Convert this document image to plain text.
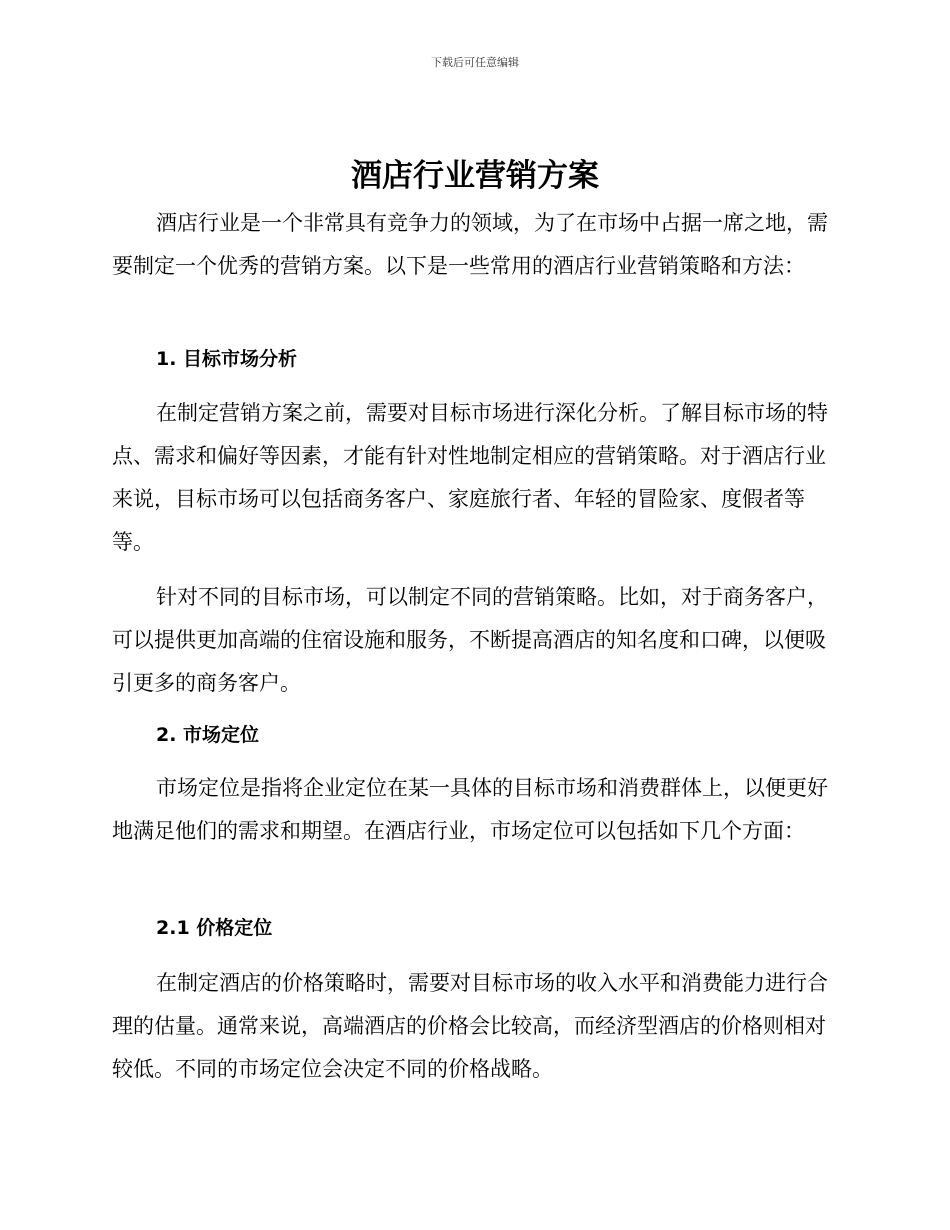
下载后可任意编辑
酒店行业营销方案

酒店行业是一个非常具有竞争力的领域，为了在市场中占据一席之地，需要制定一个优秀的营销方案。以下是一些常用的酒店行业营销策略和方法：

1. 目标市场分析

在制定营销方案之前，需要对目标市场进行深化分析。了解目标市场的特点、需求和偏好等因素，才能有针对性地制定相应的营销策略。对于酒店行业来说，目标市场可以包括商务客户、家庭旅行者、年轻的冒险家、度假者等等。

针对不同的目标市场，可以制定不同的营销策略。比如，对于商务客户，可以提供更加高端的住宿设施和服务，不断提高酒店的知名度和口碑，以便吸引更多的商务客户。

2. 市场定位

市场定位是指将企业定位在某一具体的目标市场和消费群体上，以便更好地满足他们的需求和期望。在酒店行业，市场定位可以包括如下几个方面：

2.1 价格定位

在制定酒店的价格策略时，需要对目标市场的收入水平和消费能力进行合理的估量。通常来说，高端酒店的价格会比较高，而经济型酒店的价格则相对较低。不同的市场定位会决定不同的价格战略。
